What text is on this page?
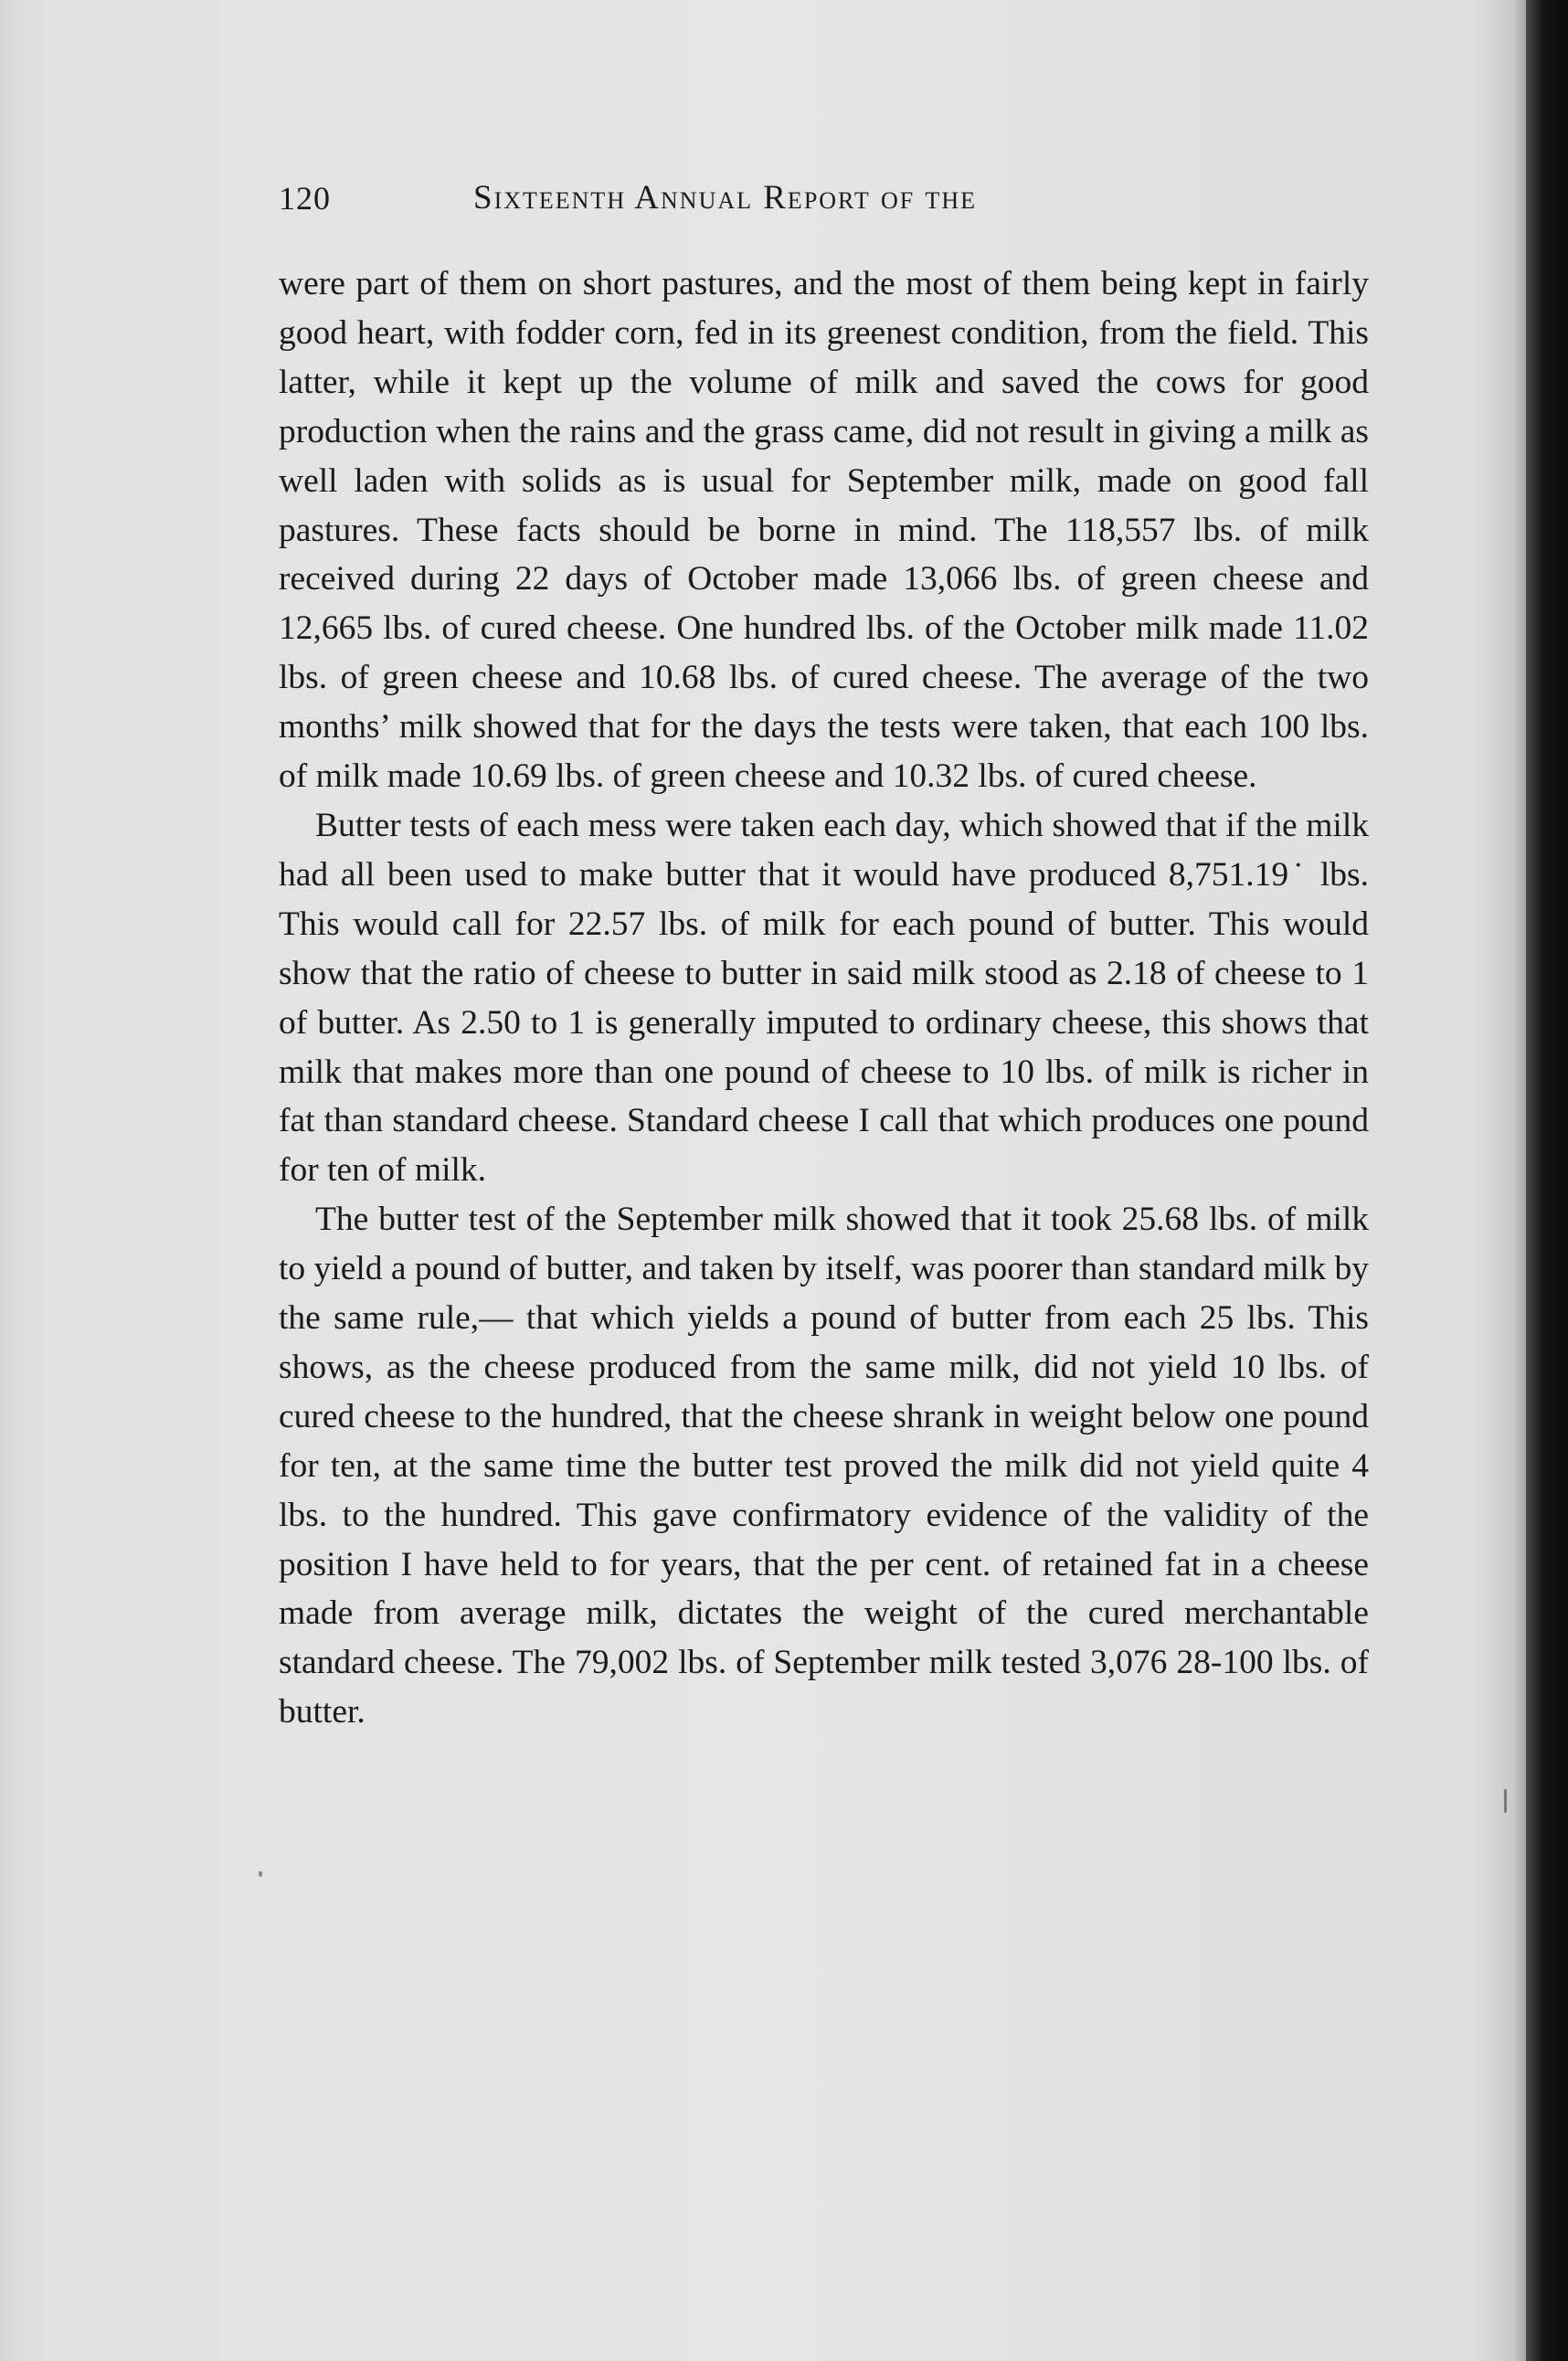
120	Sixteenth Annual Report of the

were part of them on short pastures, and the most of them being kept in fairly good heart, with fodder corn, fed in its greenest condition, from the field. This latter, while it kept up the volume of milk and saved the cows for good production when the rains and the grass came, did not result in giving a milk as well laden with solids as is usual for September milk, made on good fall pastures. These facts should be borne in mind. The 118,557 lbs. of milk received during 22 days of October made 13,066 lbs. of green cheese and 12,665 lbs. of cured cheese. One hundred lbs. of the October milk made 11.02 lbs. of green cheese and 10.68 lbs. of cured cheese. The average of the two months’ milk showed that for the days the tests were taken, that each 100 lbs. of milk made 10.69 lbs. of green cheese and 10.32 lbs. of cured cheese.

Butter tests of each mess were taken each day, which showed that if the milk had all been used to make butter that it would have produced 8,751.19˙ lbs. This would call for 22.57 lbs. of milk for each pound of butter. This would show that the ratio of cheese to butter in said milk stood as 2.18 of cheese to 1 of butter. As 2.50 to 1 is generally imputed to ordinary cheese, this shows that milk that makes more than one pound of cheese to 10 lbs. of milk is richer in fat than standard cheese. Standard cheese I call that which produces one pound for ten of milk.

The butter test of the September milk showed that it took 25.68 lbs. of milk to yield a pound of butter, and taken by itself, was poorer than standard milk by the same rule,— that which yields a pound of butter from each 25 lbs. This shows, as the cheese produced from the same milk, did not yield 10 lbs. of cured cheese to the hundred, that the cheese shrank in weight below one pound for ten, at the same time the butter test proved the milk did not yield quite 4 lbs. to the hundred. This gave confirmatory evidence of the validity of the position I have held to for years, that the per cent. of retained fat in a cheese made from average milk, dictates the weight of the cured merchantable standard cheese. The 79,002 lbs. of September milk tested 3,076 28-100 lbs. of butter.
